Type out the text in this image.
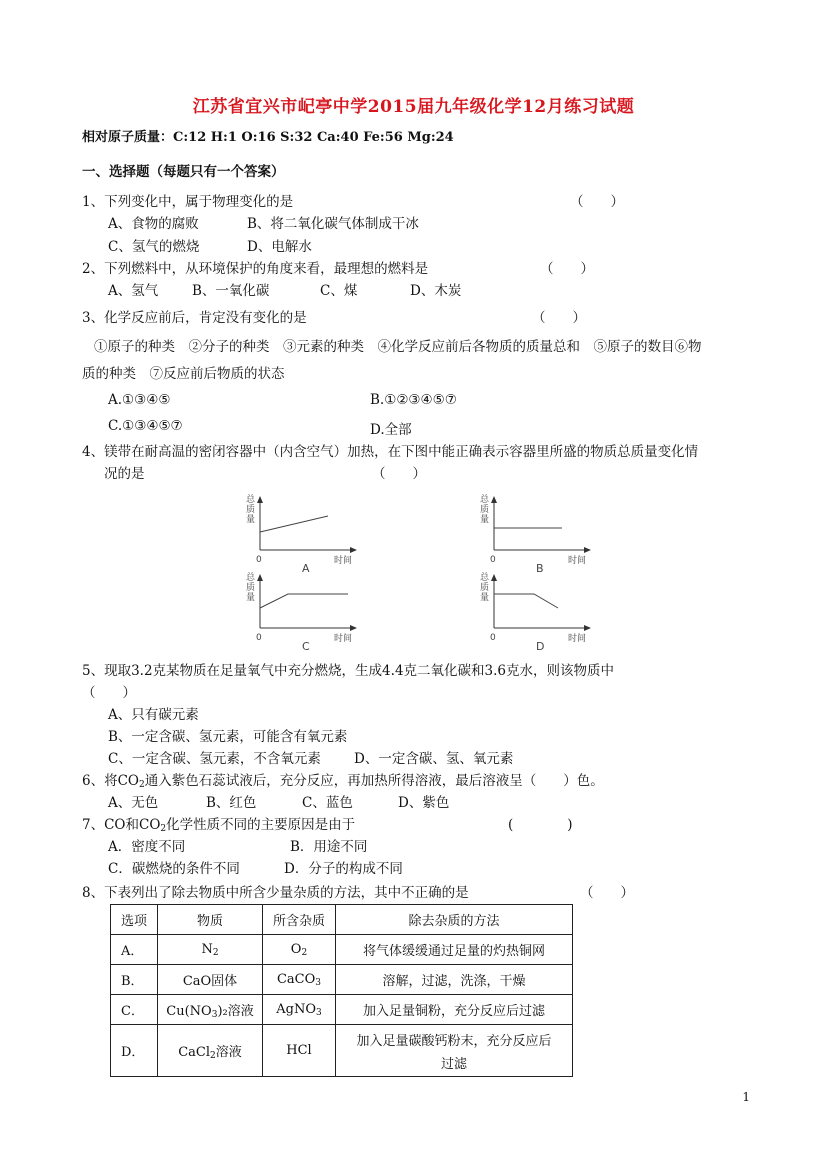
江苏省宜兴市屺亭中学2015届九年级化学12月练习试题
相对原子质量：C:12 H:1 O:16 S:32 Ca:40 Fe:56 Mg:24
一、选择题（每题只有一个答案）
1、下列变化中，属于物理变化的是	（　　）
A、食物的腐败	B、将二氧化碳气体制成干冰
C、氢气的燃烧	D、电解水
2、下列燃料中，从环境保护的角度来看，最理想的燃料是	（　　）
A、氢气	B、一氧化碳	C、煤	D、木炭
3、化学反应前后，肯定没有变化的是	（　　）
①原子的种类　②分子的种类　③元素的种类　④化学反应前后各物质的质量总和　⑤原子的数目⑥物
质的种类　⑦反应前后物质的状态
A.①③④⑤	B.①②③④⑤⑦
C.①③④⑤⑦	D.全部
4、镁带在耐高温的密闭容器中（内含空气）加热，在下图中能正确表示容器里所盛的物质总质量变化情
况的是	（　　）
总
质
量
0	时间
A
总
质
量
0	时间
B
总
质
量
0	时间
C
总
质
量
0	时间
D
5、现取3.2克某物质在足量氧气中充分燃烧，生成4.4克二氧化碳和3.6克水，则该物质中
（　　）
A、只有碳元素
B、一定含碳、氢元素，可能含有氧元素
C、一定含碳、氢元素，不含氧元素 D、一定含碳、氢、氧元素
6、将$CO_2$通入紫色石蕊试液后，充分反应，再加热所得溶液，最后溶液呈（　　）色。
A、无色	B、红色	C、蓝色	D、紫色
7、CO和$CO_2$化学性质不同的主要原因是由于	(　　　　)
A．密度不同	B．用途不同
C．碳燃烧的条件不同	D．分子的构成不同
8、下表列出了除去物质中所含少量杂质的方法，其中不正确的是	（　　）
选项	物质	所含杂质	除去杂质的方法
A．	$N_2$	$O_2$	将气体缓缓通过足量的灼热铜网
B．	CaO固体	CaCO$_3$	溶解，过滤，洗涤，干燥
C．	$Cu(NO_3)_2$溶液	AgNO$_3$	加入足量铜粉，充分反应后过滤
D．	CaCl$_2$溶液	HCl	加入足量碳酸钙粉末，充分反应后
过滤
1
